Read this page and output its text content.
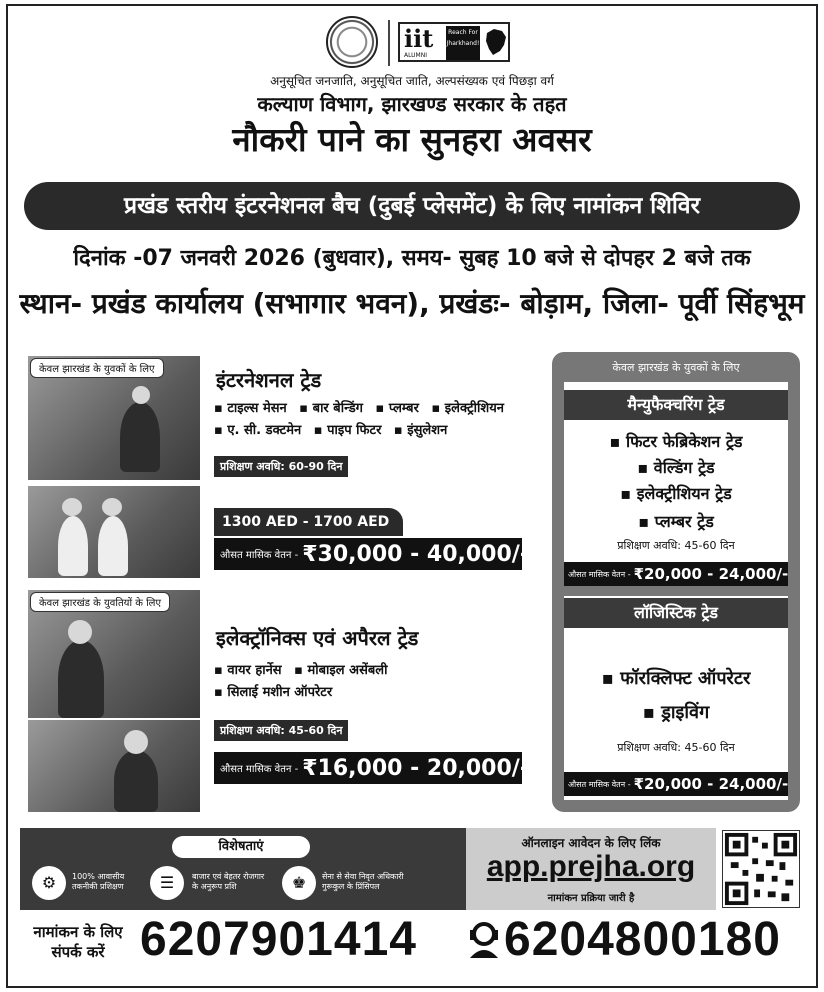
iit
ALUMNI
Reach For Jharkhand!
अनुसूचित जनजाति, अनुसूचित जाति, अल्पसंख्यक एवं पिछड़ा वर्ग
कल्याण विभाग, झारखण्ड सरकार के तहत
नौकरी पाने का सुनहरा अवसर
प्रखंड स्तरीय इंटरनेशनल बैच (दुबई प्लेसमेंट) के लिए नामांकन शिविर
दिनांक -07 जनवरी 2026 (बुधवार), समय- सुबह 10 बजे से दोपहर 2 बजे तक
स्थान- प्रखंड कार्यालय (सभागार भवन), प्रखंडः- बोड़ाम, जिला- पूर्वी सिंहभूम
केवल झारखंड के युवकों के लिए	इंटरनेशनल ट्रेड
▪ टाइल्स मेसन ▪ बार बेन्डिंग ▪ प्लम्बर ▪ इलेक्ट्रीशियन
▪ ए. सी. डक्टमेन ▪ पाइप फिटर ▪ इंसुलेशन
प्रशिक्षण अवधि: 60-90 दिन
1300 AED - 1700 AED
औसत मासिक वेतन - ₹30,000 - 40,000/-
केवल झारखंड के युवतियों के लिए
इलेक्ट्रॉनिक्स एवं अपैरल ट्रेड
▪ वायर हार्नेस ▪ मोबाइल असेंबली
▪ सिलाई मशीन ऑपरेटर
प्रशिक्षण अवधि: 45-60 दिन
औसत मासिक वेतन - ₹16,000 - 20,000/-
केवल झारखंड के युवकों के लिए
मैन्युफैक्चरिंग ट्रेड
▪ फिटर फेब्रिकेशन ट्रेड
▪ वेल्डिंग ट्रेड
▪ इलेक्ट्रीशियन ट्रेड
▪ प्लम्बर ट्रेड
प्रशिक्षण अवधि: 45-60 दिन
औसत मासिक वेतन - ₹20,000 - 24,000/-
लॉजिस्टिक ट्रेड
▪ फॉरक्लिफ्ट ऑपरेटर
▪ ड्राइविंग
प्रशिक्षण अवधि: 45-60 दिन
औसत मासिक वेतन - ₹20,000 - 24,000/-
विशेषताएं
⚙	100% आवासीय
तकनीकी प्रशिक्षण	☰	बाजार एवं बेहतर रोजगार
के अनुरूप प्रशि	♚	सेना से सेवा निवृत अधिकारी
गुरूकुल के प्रिंसिपल
ऑनलाइन आवेदन के लिए लिंक
app.prejha.org
नामांकन प्रक्रिया जारी है
नामांकन के लिए
संपर्क करें 6207901414 6204800180
